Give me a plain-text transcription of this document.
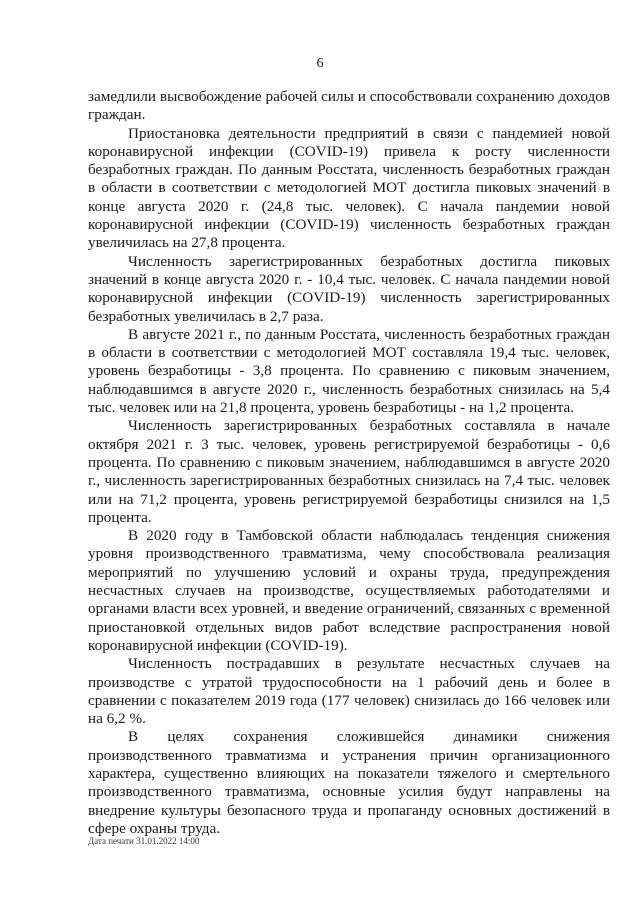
6

замедлили высвобождение рабочей силы и способствовали сохранению доходов граждан.

Приостановка деятельности предприятий в связи с пандемией новой коронавирусной инфекции (COVID-19) привела к росту численности безработных граждан. По данным Росстата, численность безработных граждан в области в соответствии с методологией МОТ достигла пиковых значений в конце августа 2020 г. (24,8 тыс. человек). С начала пандемии новой коронавирусной инфекции (COVID-19) численность безработных граждан увеличилась на 27,8 процента.

Численность зарегистрированных безработных достигла пиковых значений в конце августа 2020 г. - 10,4 тыс. человек. С начала пандемии новой коронавирусной инфекции (COVID-19) численность зарегистрированных безработных увеличилась в 2,7 раза.

В августе 2021 г., по данным Росстата, численность безработных граждан в области в соответствии с методологией МОТ составляла 19,4 тыс. человек, уровень безработицы - 3,8 процента. По сравнению с пиковым значением, наблюдавшимся в августе 2020 г., численность безработных снизилась на 5,4 тыс. человек или на 21,8 процента, уровень безработицы - на 1,2 процента.

Численность зарегистрированных безработных составляла в начале октября 2021 г. 3 тыс. человек, уровень регистрируемой безработицы - 0,6 процента. По сравнению с пиковым значением, наблюдавшимся в августе 2020 г., численность зарегистрированных безработных снизилась на 7,4 тыс. человек или на 71,2 процента, уровень регистрируемой безработицы снизился на 1,5 процента.

В 2020 году в Тамбовской области наблюдалась тенденция снижения уровня производственного травматизма, чему способствовала реализация мероприятий по улучшению условий и охраны труда, предупреждения несчастных случаев на производстве, осуществляемых работодателями и органами власти всех уровней, и введение ограничений, связанных с временной приостановкой отдельных видов работ вследствие распространения новой коронавирусной инфекции (COVID-19).

Численность пострадавших в результате несчастных случаев на производстве с утратой трудоспособности на 1 рабочий день и более в сравнении с показателем 2019 года (177 человек) снизилась до 166 человек или на 6,2 %.

В целях сохранения сложившейся динамики снижения производственного травматизма и устранения причин организационного характера, существенно влияющих на показатели тяжелого и смертельного производственного травматизма, основные усилия будут направлены на внедрение культуры безопасного труда и пропаганду основных достижений в сфере охраны труда.

Дата печати 31.01.2022 14:00
